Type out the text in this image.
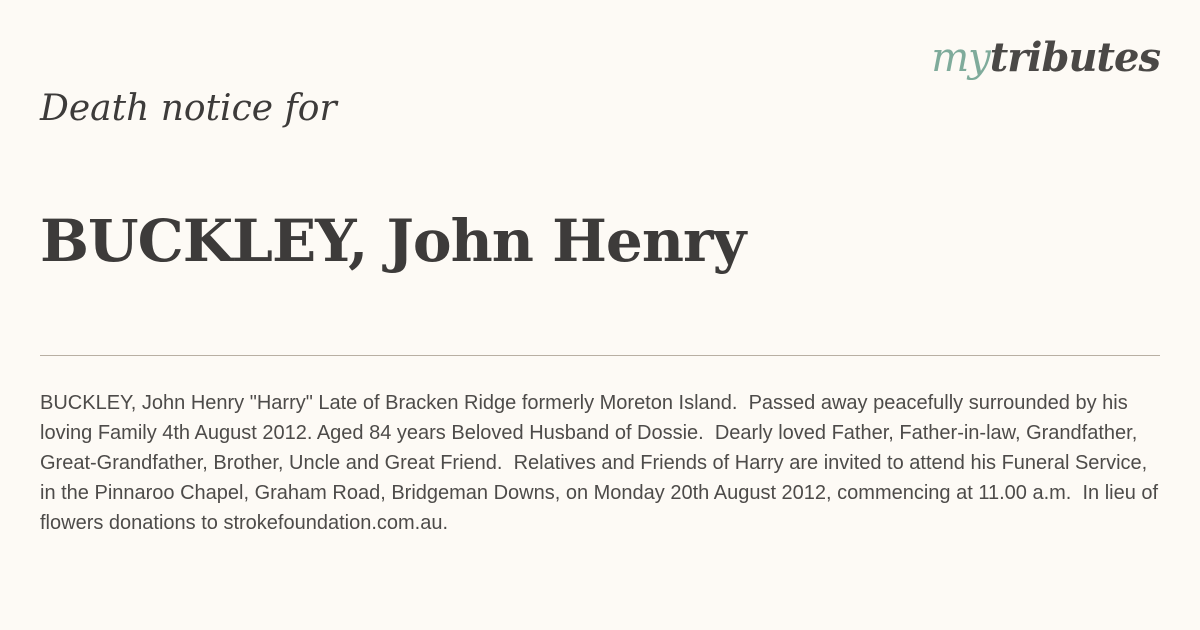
mytributes
Death notice for
BUCKLEY, John Henry

BUCKLEY, John Henry "Harry" Late of Bracken Ridge formerly Moreton Island.  Passed away peacefully surrounded by his loving Family 4th August 2012. Aged 84 years Beloved Husband of Dossie.  Dearly loved Father, Father-in-law, Grandfather, Great-Grandfather, Brother, Uncle and Great Friend.  Relatives and Friends of Harry are invited to attend his Funeral Service, in the Pinnaroo Chapel, Graham Road, Bridgeman Downs, on Monday 20th August 2012, commencing at 11.00 a.m.  In lieu of flowers donations to strokefoundation.com.au.
